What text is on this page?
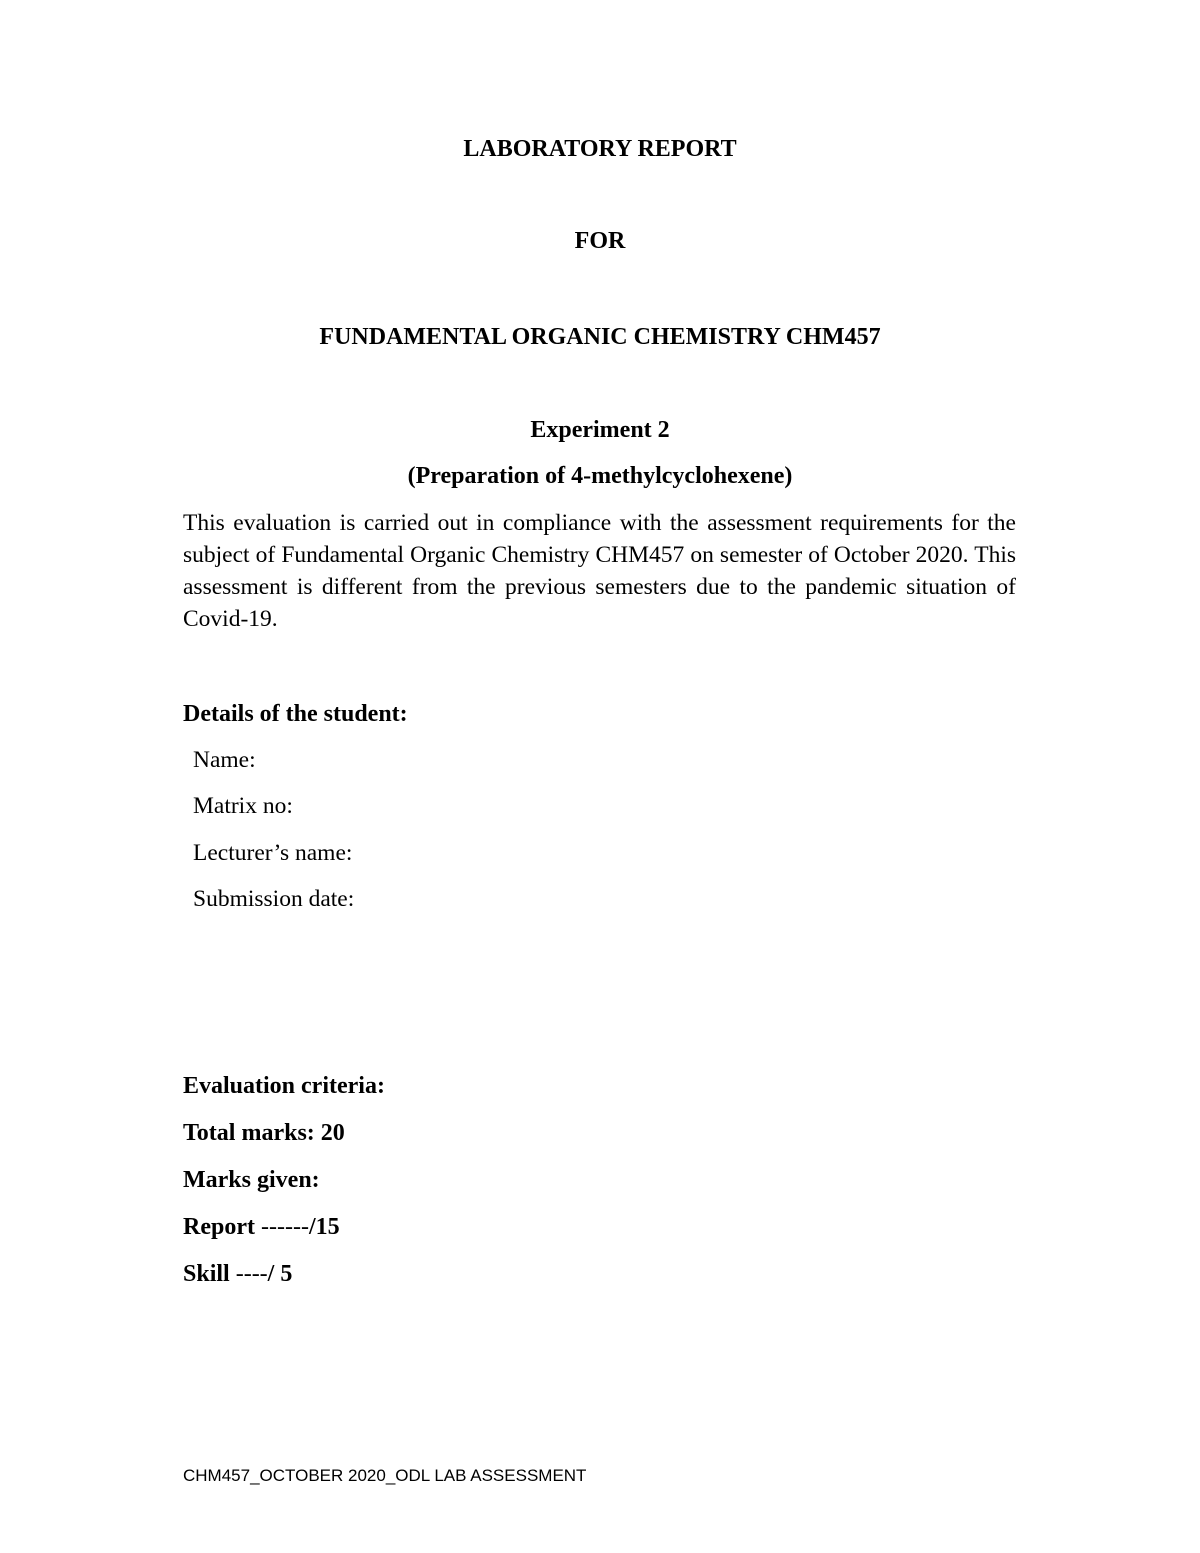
LABORATORY REPORT
FOR
FUNDAMENTAL ORGANIC CHEMISTRY CHM457
Experiment 2
(Preparation of 4-methylcyclohexene)
This evaluation is carried out in compliance with the assessment requirements for the subject of Fundamental Organic Chemistry CHM457 on semester of October 2020. This assessment is different from the previous semesters due to the pandemic situation of Covid-19.
Details of the student:
Name:
Matrix no:
Lecturer’s name:
Submission date:
Evaluation criteria:
Total marks: 20
Marks given:
Report ------/15
Skill ----/ 5
CHM457_OCTOBER 2020_ODL LAB ASSESSMENT
